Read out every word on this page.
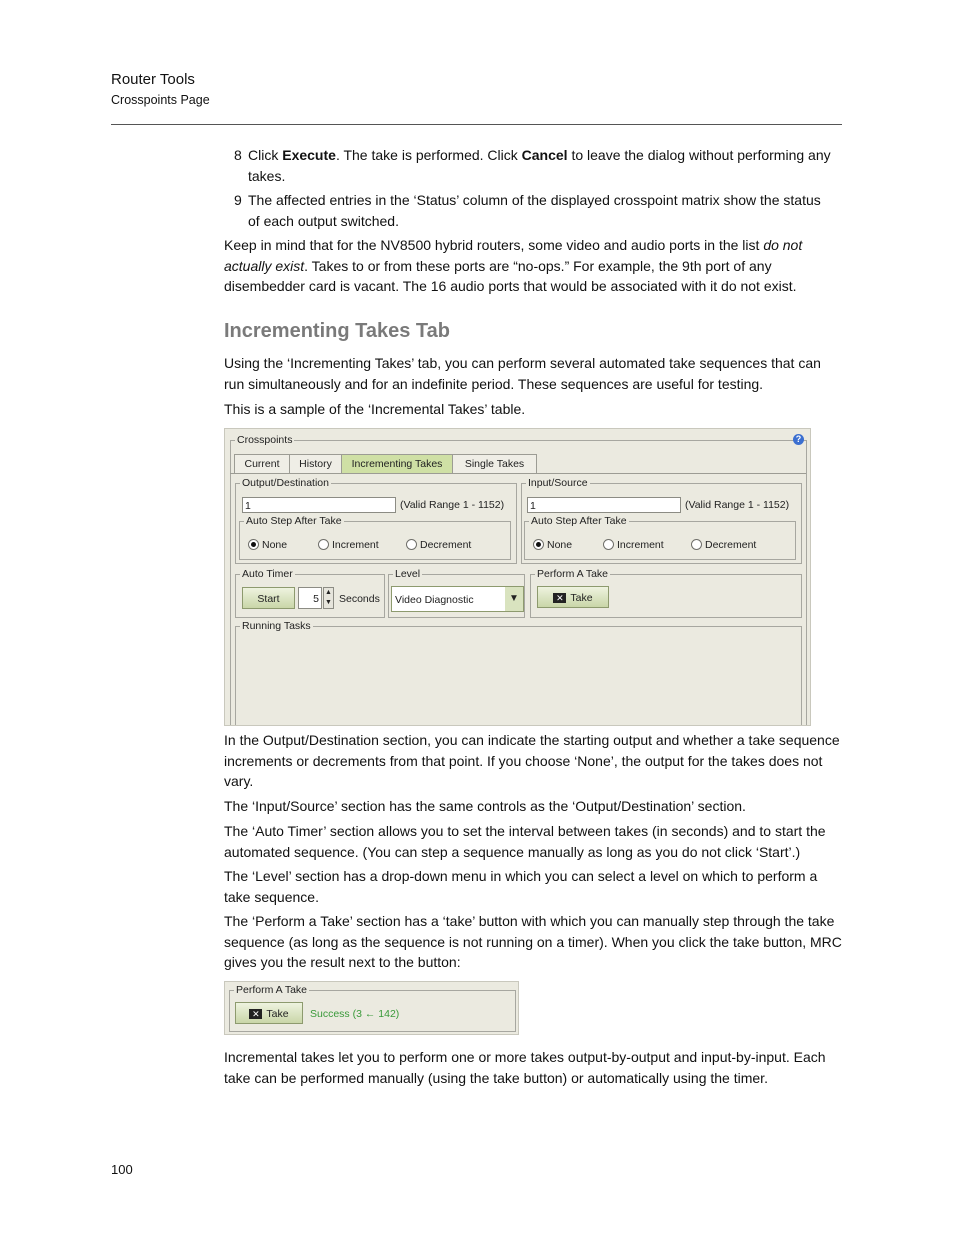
Router Tools
Crosspoints Page
8 Click Execute. The take is performed. Click Cancel to leave the dialog without performing any takes.
9 The affected entries in the ‘Status’ column of the displayed crosspoint matrix show the status of each output switched.
Keep in mind that for the NV8500 hybrid routers, some video and audio ports in the list do not actually exist. Takes to or from these ports are “no-ops.” For example, the 9th port of any disembedder card is vacant. The 16 audio ports that would be associated with it do not exist.
Incrementing Takes Tab
Using the ‘Incrementing Takes’ tab, you can perform several automated take sequences that can run simultaneously and for an indefinite period. These sequences are useful for testing.
This is a sample of the ‘Incremental Takes’ table.
Crosspoints	?
Current	History	Incrementing Takes	Single Takes
Output/Destination
1	(Valid Range 1 - 1152)
Auto Step After Take
None	Increment	Decrement
Input/Source
1	(Valid Range 1 - 1152)
Auto Step After Take
None	Increment	Decrement
Auto Timer
Start	5
▲
▼ Seconds
Level
Video Diagnostic	▼
Perform A Take
✕ Take
Running Tasks
In the Output/Destination section, you can indicate the starting output and whether a take sequence increments or decrements from that point. If you choose ‘None’, the output for the takes does not vary.
The ‘Input/Source’ section has the same controls as the ‘Output/Destination’ section.
The ‘Auto Timer’ section allows you to set the interval between takes (in seconds) and to start the automated sequence. (You can step a sequence manually as long as you do not click ‘Start’.)
The ‘Level’ section has a drop-down menu in which you can select a level on which to perform a take sequence.
The ‘Perform a Take’ section has a ‘take’ button with which you can manually step through the take sequence (as long as the sequence is not running on a timer). When you click the take button, MRC gives you the result next to the button:
Perform A Take
✕ Take	Success (3 ← 142)
Incremental takes let you to perform one or more takes output-by-output and input-by-input. Each take can be performed manually (using the take button) or automatically using the timer.
100
